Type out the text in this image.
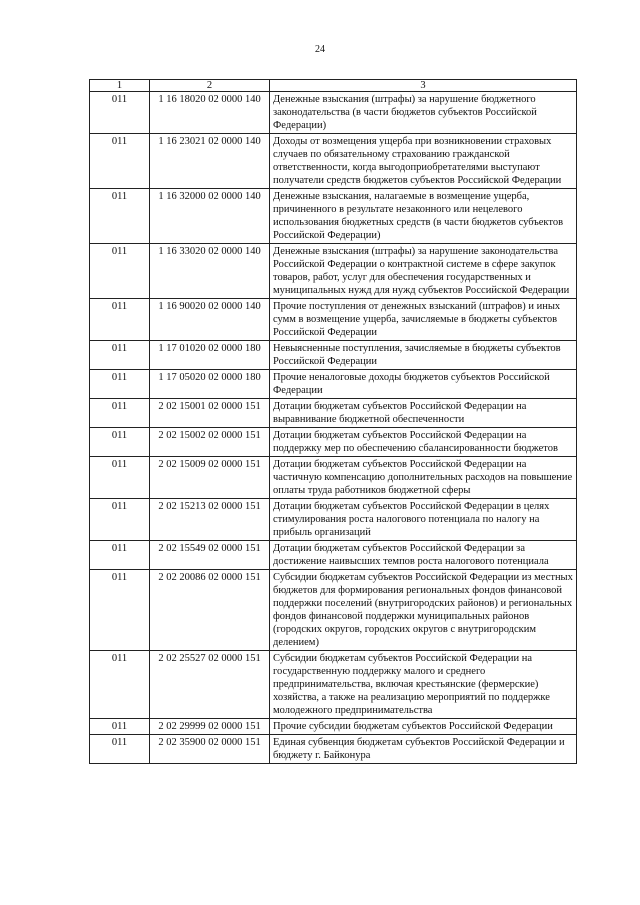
24
1	2	3
011	1 16 18020 02 0000 140	Денежные взыскания (штрафы) за нарушение бюджетного законодательства (в части бюджетов субъектов Российской Федерации)
011	1 16 23021 02 0000 140	Доходы от возмещения ущерба при возникновении страховых случаев по обязательному страхованию гражданской ответственности, когда выгодоприобретателями выступают получатели средств бюджетов субъектов Российской Федерации
011	1 16 32000 02 0000 140	Денежные взыскания, налагаемые в возмещение ущерба, причиненного в результате незаконного или нецелевого использования бюджетных средств (в части бюджетов субъектов Российской Федерации)
011	1 16 33020 02 0000 140	Денежные взыскания (штрафы) за нарушение законодательства Российской Федерации о контрактной системе в сфере закупок товаров, работ, услуг для обеспечения государственных и муниципальных нужд для нужд субъектов Российской Федерации
011	1 16 90020 02 0000 140	Прочие поступления от денежных взысканий (штрафов) и иных сумм в возмещение ущерба, зачисляемые в бюджеты субъектов Российской Федерации
011	1 17 01020 02 0000 180	Невыясненные поступления, зачисляемые в бюджеты субъектов Российской Федерации
011	1 17 05020 02 0000 180	Прочие неналоговые доходы бюджетов субъектов Российской Федерации
011	2 02 15001 02 0000 151	Дотации бюджетам субъектов Российской Федерации на выравнивание бюджетной обеспеченности
011	2 02 15002 02 0000 151	Дотации бюджетам субъектов Российской Федерации на поддержку мер по обеспечению сбалансированности бюджетов
011	2 02 15009 02 0000 151	Дотации бюджетам субъектов Российской Федерации на частичную компенсацию дополнительных расходов на повышение оплаты труда работников бюджетной сферы
011	2 02 15213 02 0000 151	Дотации бюджетам субъектов Российской Федерации в целях стимулирования роста налогового потенциала по налогу на прибыль организаций
011	2 02 15549 02 0000 151	Дотации бюджетам субъектов Российской Федерации за достижение наивысших темпов роста налогового потенциала
011	2 02 20086 02 0000 151	Субсидии бюджетам субъектов Российской Федерации из местных бюджетов для формирования региональных фондов финансовой поддержки поселений (внутригородских районов) и региональных фондов финансовой поддержки муниципальных районов (городских округов, городских округов с внутригородским делением)
011	2 02 25527 02 0000 151	Субсидии бюджетам субъектов Российской Федерации на государственную поддержку малого и среднего предпринимательства, включая крестьянские (фермерские) хозяйства, а также на реализацию мероприятий по поддержке молодежного предпринимательства
011	2 02 29999 02 0000 151	Прочие субсидии бюджетам субъектов Российской Федерации
011	2 02 35900 02 0000 151	Единая субвенция бюджетам субъектов Российской Федерации и бюджету г. Байконура
